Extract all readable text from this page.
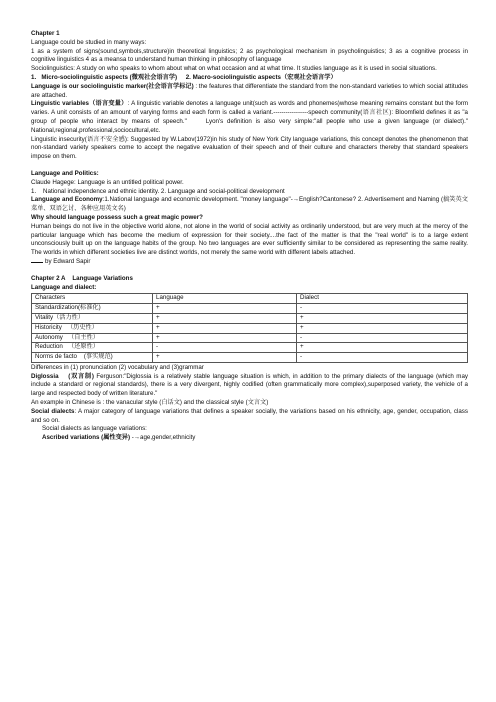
Chapter 1

Language could be studied in many ways:

1 as a system of signs(sound,symbols,structure)in theoretical linguistics; 2 as psychological mechanism in psycholinguistics; 3 as a cognitive process in cognitive linguistics 4 as a meansa to understand human thinking in philosophy of language

Sociolinguistics: A study on who speaks to whom about what on what occasion and at what time. It studies language as it is used in social situations.

1.   Micro-sociolinguistic aspects (微观社会语言学)     2. Macro-sociolinguistic aspects（宏观社会语言学）

Language is our sociolinguistic marker(社会语言学标记) : the features that differentiate the standard from the non-standard varieties to which social attitudes are attached.

Linguistic variables（语言变量）: A linguistic variable denotes a language unit(such as words and phonemes)whose meaning remains constant but the form varies. A unit consists of an amount of varying forms and each form is called a variant.-----------------speech community(语言社区): Bloomfield defines it as "a group of people who interact by means of speech."     Lyon's definition is also very simple:"all people who use a given language (or dialect)." National,regional,professional,sociocultural,etc.

Linguistic insecurity(语言不安全感): Suggested by W.Labov(1972)in his study of New York City language variations, this concept denotes the phenomenon that non-standard variety speakers come to accept the negative evaluation of their speech and of their culture and characters thereby that standard speakers impose on them.

Language and Politics:

Claude Hagege: Language is an untitled political power.

1.    National independence and ethnic identity. 2. Language and social-political development

Language and Economy:1.National language and economic development. "money language"-→English?Cantonese? 2. Advertisement and Naming (搞笑英文菜单、双语乞讨、各种应用英文名)

Why should language possess such a great magic power?

Human beings do not live in the objective world alone, not alone in the world of social activity as ordinarily understood, but are very much at the mercy of the particular language which has become the medium of expression for their society....the fact of the matter is that the "real world" is to a large extent unconsciously built up on the language habits of the group. No two languages are ever sufficiently similar to be considered as representing the same reality. The worlds in which different societies live are distinct worlds, not merely the same world with different labels attached.

by Edward Sapir

Chapter 2 A    Language Variations

Language and dialect:

Characters	Language	Dialect
Standardization(标准化)	+	-
Vitality（活力性）	+	+
Historicity   （历史性）	+	+
Autonomy   （自主性）	+	-
Reduction   （还原性）	-	+
Norms de facto    (事实规范)	+	-

Differences in (1) pronunciation (2) vocabulary and (3)grammar

Diglossia    (双言制) Ferguson:"Diglossia is a relatively stable language situation is which, in addition to the primary dialects of the language (which may include a standard or regional standards), there is a very divergent, highly codified (often grammatically more complex),superposed variety, the vehicle of a large and respected body of written literature."

An example in Chinese is : the vanacular style (白话文) and the classical style (文言文)

Social dialects: A major category of language variations that defines a speaker socially, the variations based on his ethnicity, age, gender, occupation, class and so on.

Social dialects as language variations:

Ascribed variations (属性变异) -→age,gender,ethnicity
